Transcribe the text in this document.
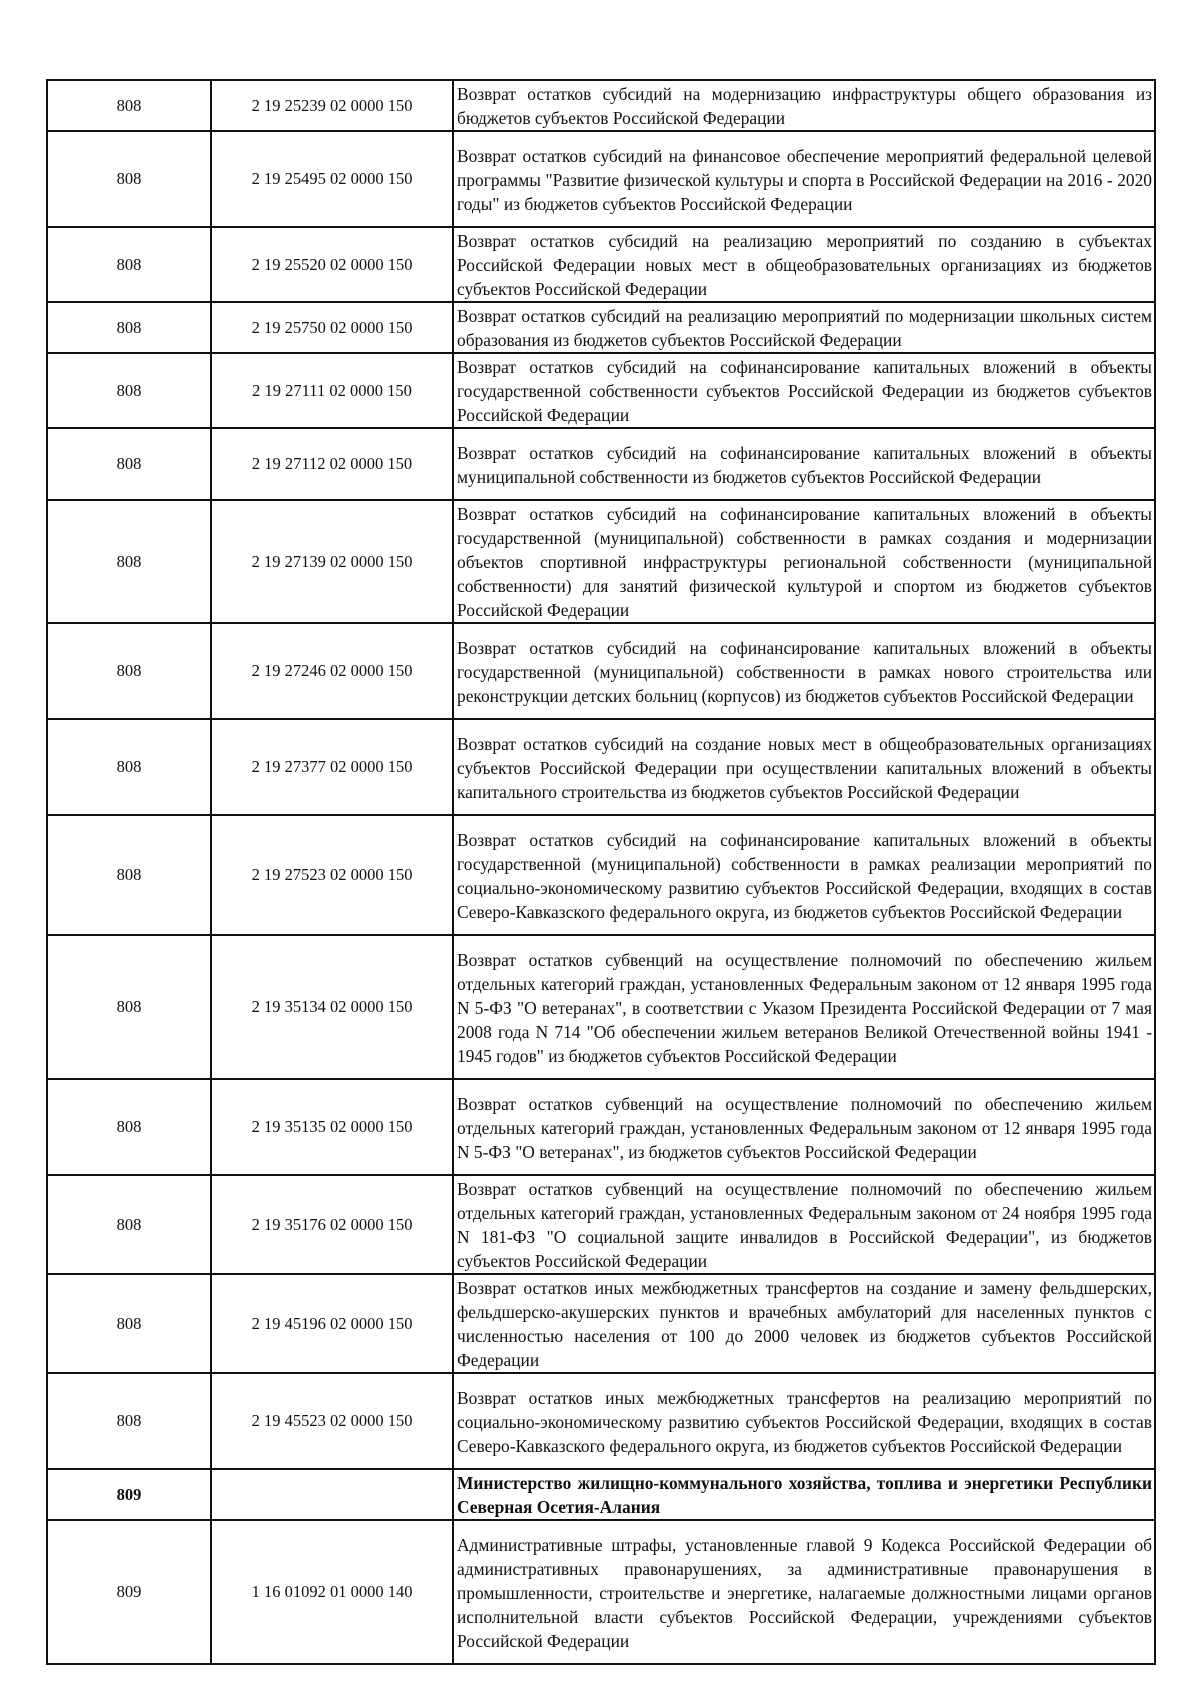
808	2 19 25239 02 0000 150	Возврат остатков субсидий на модернизацию инфраструктуры общего образования из бюджетов субъектов Российской Федерации

808	2 19 25495 02 0000 150	Возврат остатков субсидий на финансовое обеспечение мероприятий федеральной целевой программы "Развитие физической культуры и спорта в Российской Федерации на 2016 - 2020 годы" из бюджетов субъектов Российской Федерации

808	2 19 25520 02 0000 150	Возврат остатков субсидий на реализацию мероприятий по созданию в субъектах Российской Федерации новых мест в общеобразовательных организациях из бюджетов субъектов Российской Федерации

808	2 19 25750 02 0000 150	Возврат остатков субсидий на реализацию мероприятий по модернизации школьных систем образования из бюджетов субъектов Российской Федерации

808	2 19 27111 02 0000 150	Возврат остатков субсидий на софинансирование капитальных вложений в объекты государственной собственности субъектов Российской Федерации из бюджетов субъектов Российской Федерации

808	2 19 27112 02 0000 150	Возврат остатков субсидий на софинансирование капитальных вложений в объекты муниципальной собственности из бюджетов субъектов Российской Федерации

808	2 19 27139 02 0000 150	Возврат остатков субсидий на софинансирование капитальных вложений в объекты государственной (муниципальной) собственности в рамках создания и модернизации объектов спортивной инфраструктуры региональной собственности (муниципальной собственности) для занятий физической культурой и спортом из бюджетов субъектов Российской Федерации

808	2 19 27246 02 0000 150	Возврат остатков субсидий на софинансирование капитальных вложений в объекты государственной (муниципальной) собственности в рамках нового строительства или реконструкции детских больниц (корпусов) из бюджетов субъектов Российской Федерации

808	2 19 27377 02 0000 150	Возврат остатков субсидий на создание новых мест в общеобразовательных организациях субъектов Российской Федерации при осуществлении капитальных вложений в объекты капитального строительства из бюджетов субъектов Российской Федерации

808	2 19 27523 02 0000 150	Возврат остатков субсидий на софинансирование капитальных вложений в объекты государственной (муниципальной) собственности в рамках реализации мероприятий по социально-экономическому развитию субъектов Российской Федерации, входящих в состав Северо-Кавказского федерального округа, из бюджетов субъектов Российской Федерации

808	2 19 35134 02 0000 150	Возврат остатков субвенций на осуществление полномочий по обеспечению жильем отдельных категорий граждан, установленных Федеральным законом от 12 января 1995 года N 5-ФЗ "О ветеранах", в соответствии с Указом Президента Российской Федерации от 7 мая 2008 года N 714 "Об обеспечении жильем ветеранов Великой Отечественной войны 1941 - 1945 годов" из бюджетов субъектов Российской Федерации

808	2 19 35135 02 0000 150	Возврат остатков субвенций на осуществление полномочий по обеспечению жильем отдельных категорий граждан, установленных Федеральным законом от 12 января 1995 года N 5-ФЗ "О ветеранах", из бюджетов субъектов Российской Федерации

808	2 19 35176 02 0000 150	Возврат остатков субвенций на осуществление полномочий по обеспечению жильем отдельных категорий граждан, установленных Федеральным законом от 24 ноября 1995 года N 181-ФЗ "О социальной защите инвалидов в Российской Федерации", из бюджетов субъектов Российской Федерации

808	2 19 45196 02 0000 150	Возврат остатков иных межбюджетных трансфертов на создание и замену фельдшерских, фельдшерско-акушерских пунктов и врачебных амбулаторий для населенных пунктов с численностью населения от 100 до 2000 человек из бюджетов субъектов Российской Федерации

808	2 19 45523 02 0000 150	Возврат остатков иных межбюджетных трансфертов на реализацию мероприятий по социально-экономическому развитию субъектов Российской Федерации, входящих в состав Северо-Кавказского федерального округа, из бюджетов субъектов Российской Федерации

809		Министерство жилищно-коммунального хозяйства, топлива и энергетики Республики Северная Осетия-Алания

809	1 16 01092 01 0000 140	Административные штрафы, установленные главой 9 Кодекса Российской Федерации об административных правонарушениях, за административные правонарушения в промышленности, строительстве и энергетике, налагаемые должностными лицами органов исполнительной власти субъектов Российской Федерации, учреждениями субъектов Российской Федерации
